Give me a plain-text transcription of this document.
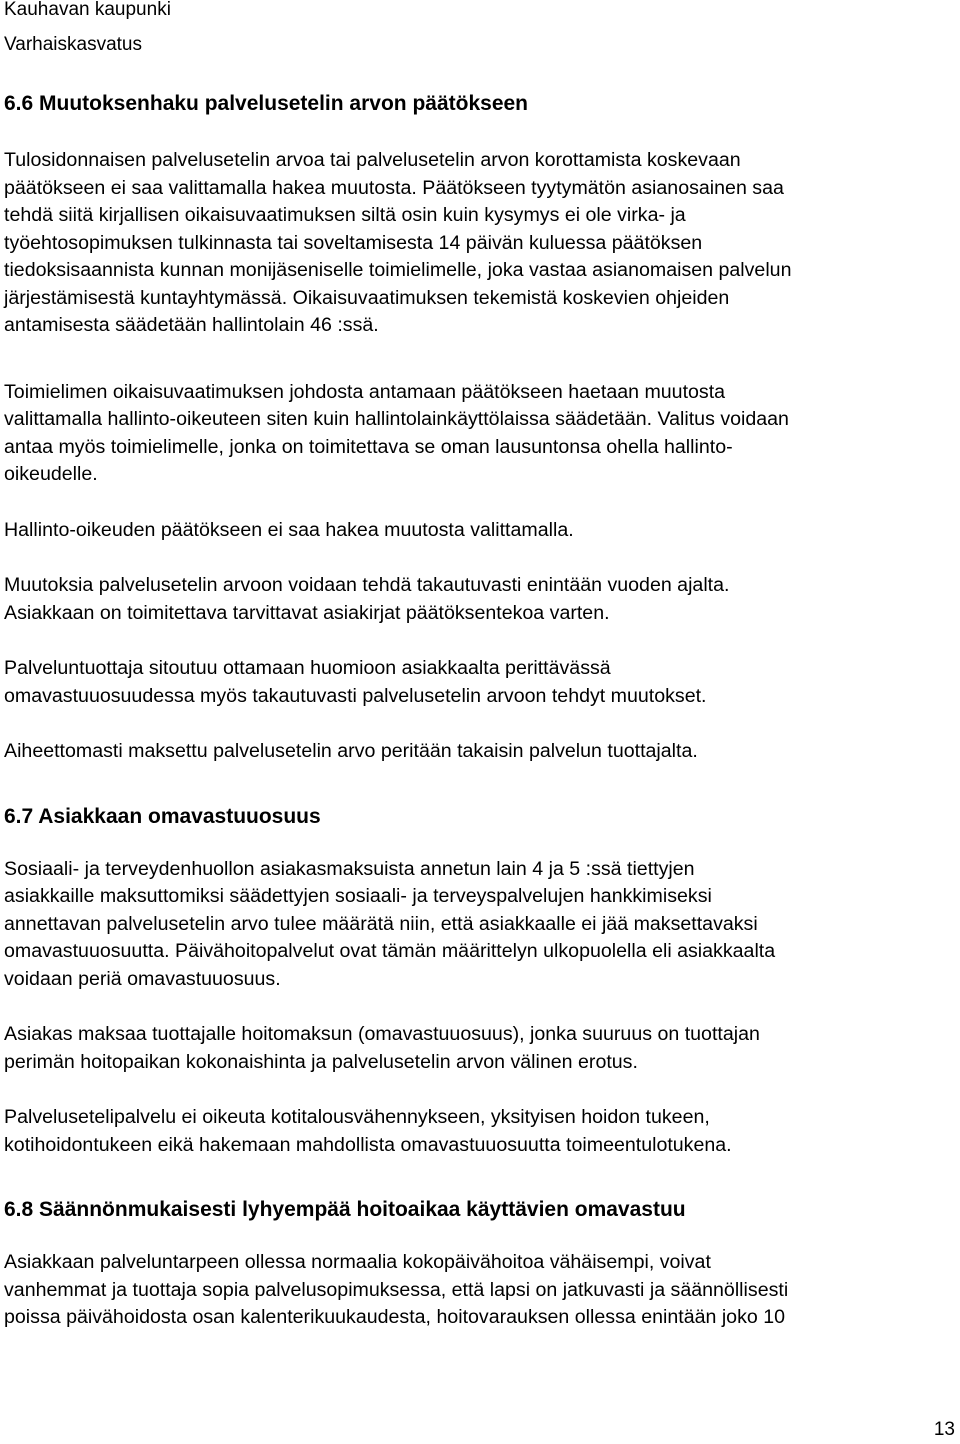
Kauhavan kaupunki
Varhaiskasvatus
6.6 Muutoksenhaku palvelusetelin arvon päätökseen

Tulosidonnaisen palvelusetelin arvoa tai palvelusetelin arvon korottamista koskevaan
päätökseen ei saa valittamalla hakea muutosta. Päätökseen tyytymätön asianosainen saa
tehdä siitä kirjallisen oikaisuvaatimuksen siltä osin kuin kysymys ei ole virka- ja
työehtosopimuksen tulkinnasta tai soveltamisesta 14 päivän kuluessa päätöksen
tiedoksisaannista kunnan monijäseniselle toimielimelle, joka vastaa asianomaisen palvelun
järjestämisestä kuntayhtymässä. Oikaisuvaatimuksen tekemistä koskevien ohjeiden
antamisesta säädetään hallintolain 46 :ssä.

Toimielimen oikaisuvaatimuksen johdosta antamaan päätökseen haetaan muutosta
valittamalla hallinto-oikeuteen siten kuin hallintolainkäyttölaissa säädetään. Valitus voidaan
antaa myös toimielimelle, jonka on toimitettava se oman lausuntonsa ohella hallinto-
oikeudelle.

Hallinto-oikeuden päätökseen ei saa hakea muutosta valittamalla.

Muutoksia palvelusetelin arvoon voidaan tehdä takautuvasti enintään vuoden ajalta.
Asiakkaan on toimitettava tarvittavat asiakirjat päätöksentekoa varten.

Palveluntuottaja sitoutuu ottamaan huomioon asiakkaalta perittävässä
omavastuuosuudessa myös takautuvasti palvelusetelin arvoon tehdyt muutokset.

Aiheettomasti maksettu palvelusetelin arvo peritään takaisin palvelun tuottajalta.

6.7 Asiakkaan omavastuuosuus

Sosiaali- ja terveydenhuollon asiakasmaksuista annetun lain 4 ja 5 :ssä tiettyjen
asiakkaille maksuttomiksi säädettyjen sosiaali- ja terveyspalvelujen hankkimiseksi
annettavan palvelusetelin arvo tulee määrätä niin, että asiakkaalle ei jää maksettavaksi
omavastuuosuutta. Päivähoitopalvelut ovat tämän määrittelyn ulkopuolella eli asiakkaalta
voidaan periä omavastuuosuus.

Asiakas maksaa tuottajalle hoitomaksun (omavastuuosuus), jonka suuruus on tuottajan
perimän hoitopaikan kokonaishinta ja palvelusetelin arvon välinen erotus.

Palvelusetelipalvelu ei oikeuta kotitalousvähennykseen, yksityisen hoidon tukeen,
kotihoidontukeen eikä hakemaan mahdollista omavastuuosuutta toimeentulotukena.

6.8 Säännönmukaisesti lyhyempää hoitoaikaa käyttävien omavastuu

Asiakkaan palveluntarpeen ollessa normaalia kokopäivähoitoa vähäisempi, voivat
vanhemmat ja tuottaja sopia palvelusopimuksessa, että lapsi on jatkuvasti ja säännöllisesti
poissa päivähoidosta osan kalenterikuukaudesta, hoitovarauksen ollessa enintään joko 10

13
